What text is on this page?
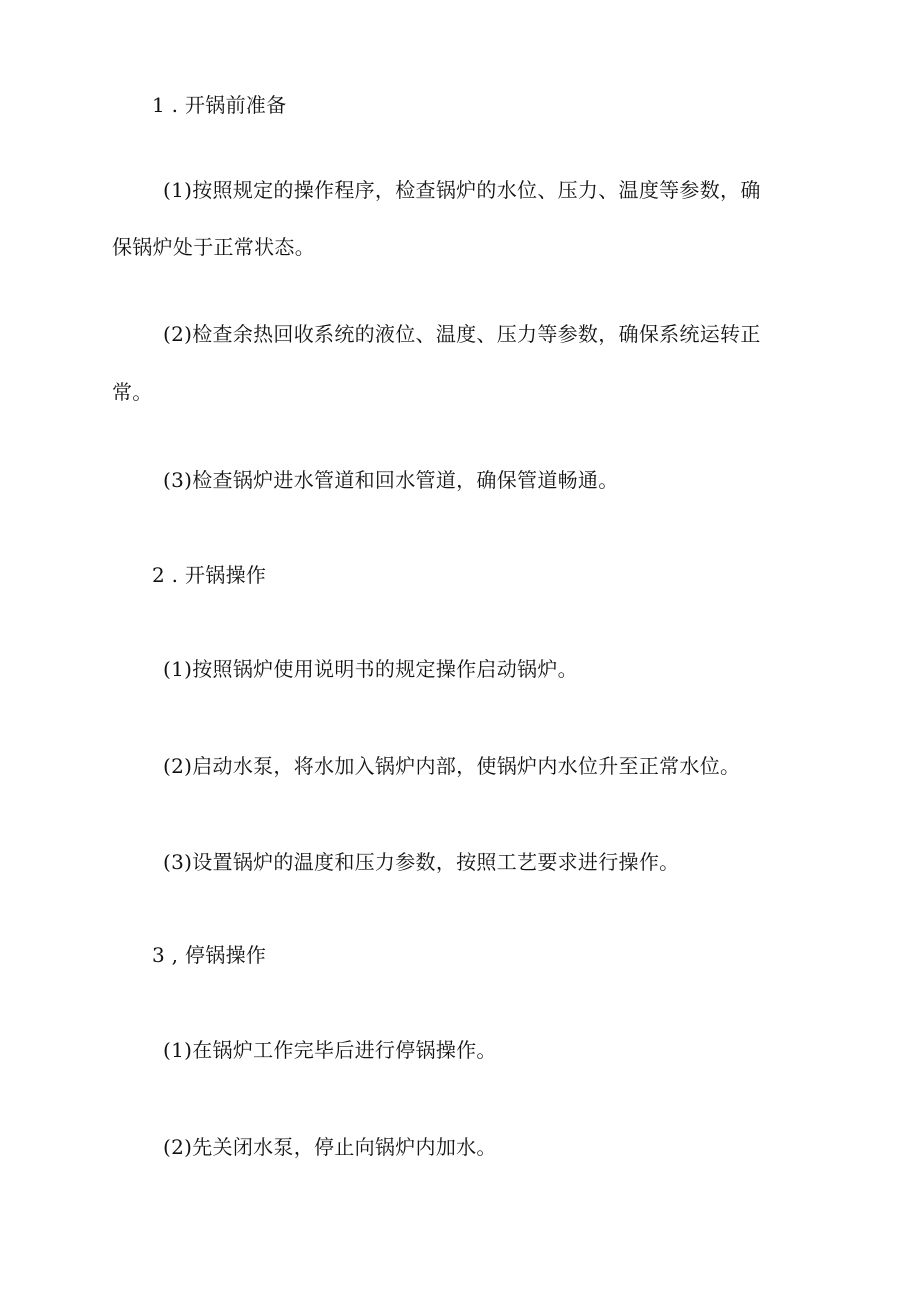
1 . 开锅前准备
(1)按照规定的操作程序，检查锅炉的水位、压力、温度等参数，确
保锅炉处于正常状态。
(2)检查余热回收系统的液位、温度、压力等参数，确保系统运转正
常。
(3)检查锅炉进水管道和回水管道，确保管道畅通。
2 . 开锅操作
(1)按照锅炉使用说明书的规定操作启动锅炉。
(2)启动水泵，将水加入锅炉内部，使锅炉内水位升至正常水位。
(3)设置锅炉的温度和压力参数，按照工艺要求进行操作。
3 , 停锅操作
(1)在锅炉工作完毕后进行停锅操作。
(2)先关闭水泵，停止向锅炉内加水。
